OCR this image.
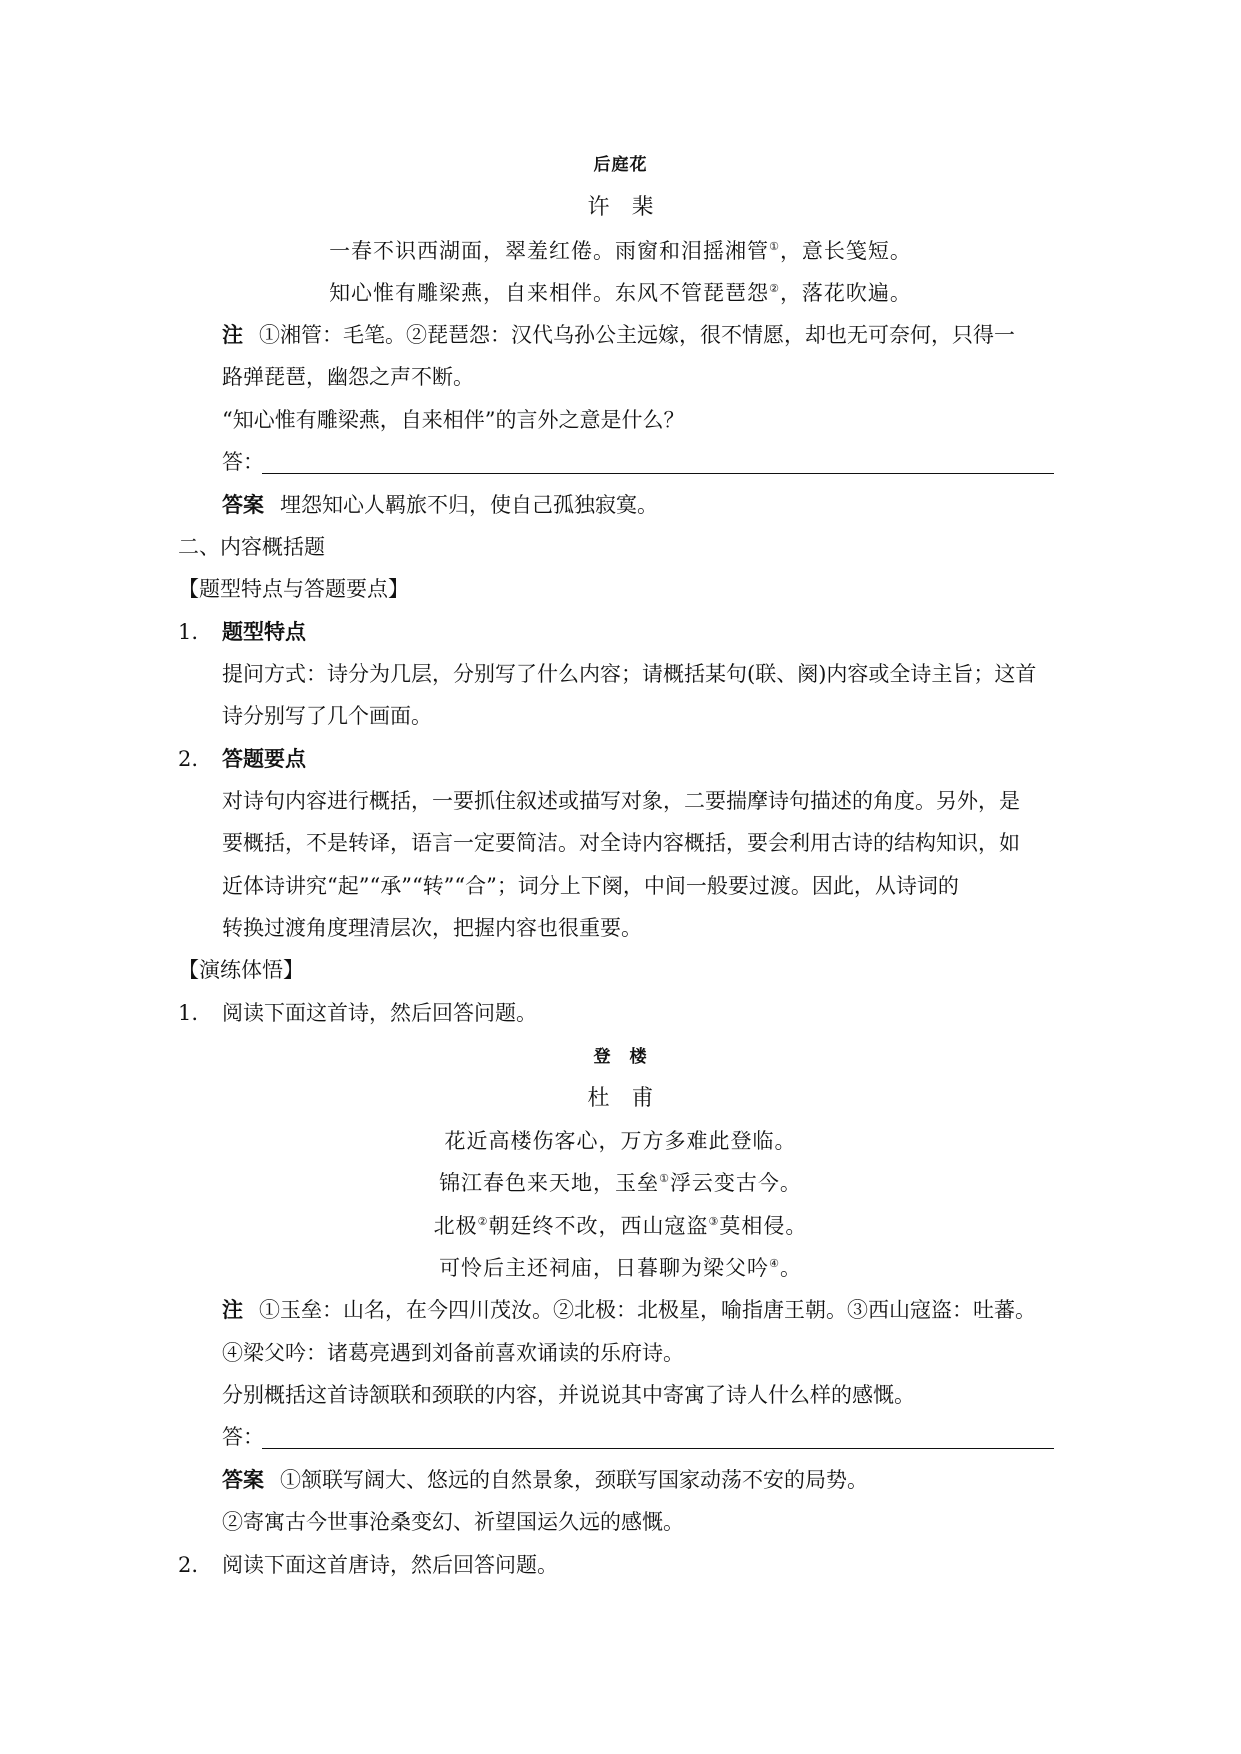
后庭花
许　棐
一春不识西湖面，翠羞红倦。雨窗和泪摇湘管①，意长笺短。
知心惟有雕梁燕，自来相伴。东风不管琵琶怨②，落花吹遍。
注 ①湘管：毛笔。②琵琶怨：汉代乌孙公主远嫁，很不情愿，却也无可奈何，只得一
路弹琵琶，幽怨之声不断。
“知心惟有雕梁燕，自来相伴”的言外之意是什么？
答：
答案 埋怨知心人羁旅不归，使自己孤独寂寞。
二、内容概括题
【题型特点与答题要点】
1. 题型特点
提问方式：诗分为几层，分别写了什么内容；请概括某句(联、阕)内容或全诗主旨；这首
诗分别写了几个画面。
2. 答题要点
对诗句内容进行概括，一要抓住叙述或描写对象，二要揣摩诗句描述的角度。另外，是
要概括，不是转译，语言一定要简洁。对全诗内容概括，要会利用古诗的结构知识，如
近体诗讲究“起”“承”“转”“合”；词分上下阕，中间一般要过渡。因此，从诗词的
转换过渡角度理清层次，把握内容也很重要。
【演练体悟】
1. 阅读下面这首诗，然后回答问题。
登　楼
杜　甫
花近高楼伤客心，万方多难此登临。
锦江春色来天地，玉垒①浮云变古今。
北极②朝廷终不改，西山寇盗③莫相侵。
可怜后主还祠庙，日暮聊为梁父吟④。
注 ①玉垒：山名，在今四川茂汝。②北极：北极星，喻指唐王朝。③西山寇盗：吐蕃。
④梁父吟：诸葛亮遇到刘备前喜欢诵读的乐府诗。
分别概括这首诗颔联和颈联的内容，并说说其中寄寓了诗人什么样的感慨。
答：
答案 ①颔联写阔大、悠远的自然景象，颈联写国家动荡不安的局势。
②寄寓古今世事沧桑变幻、祈望国运久远的感慨。
2. 阅读下面这首唐诗，然后回答问题。
